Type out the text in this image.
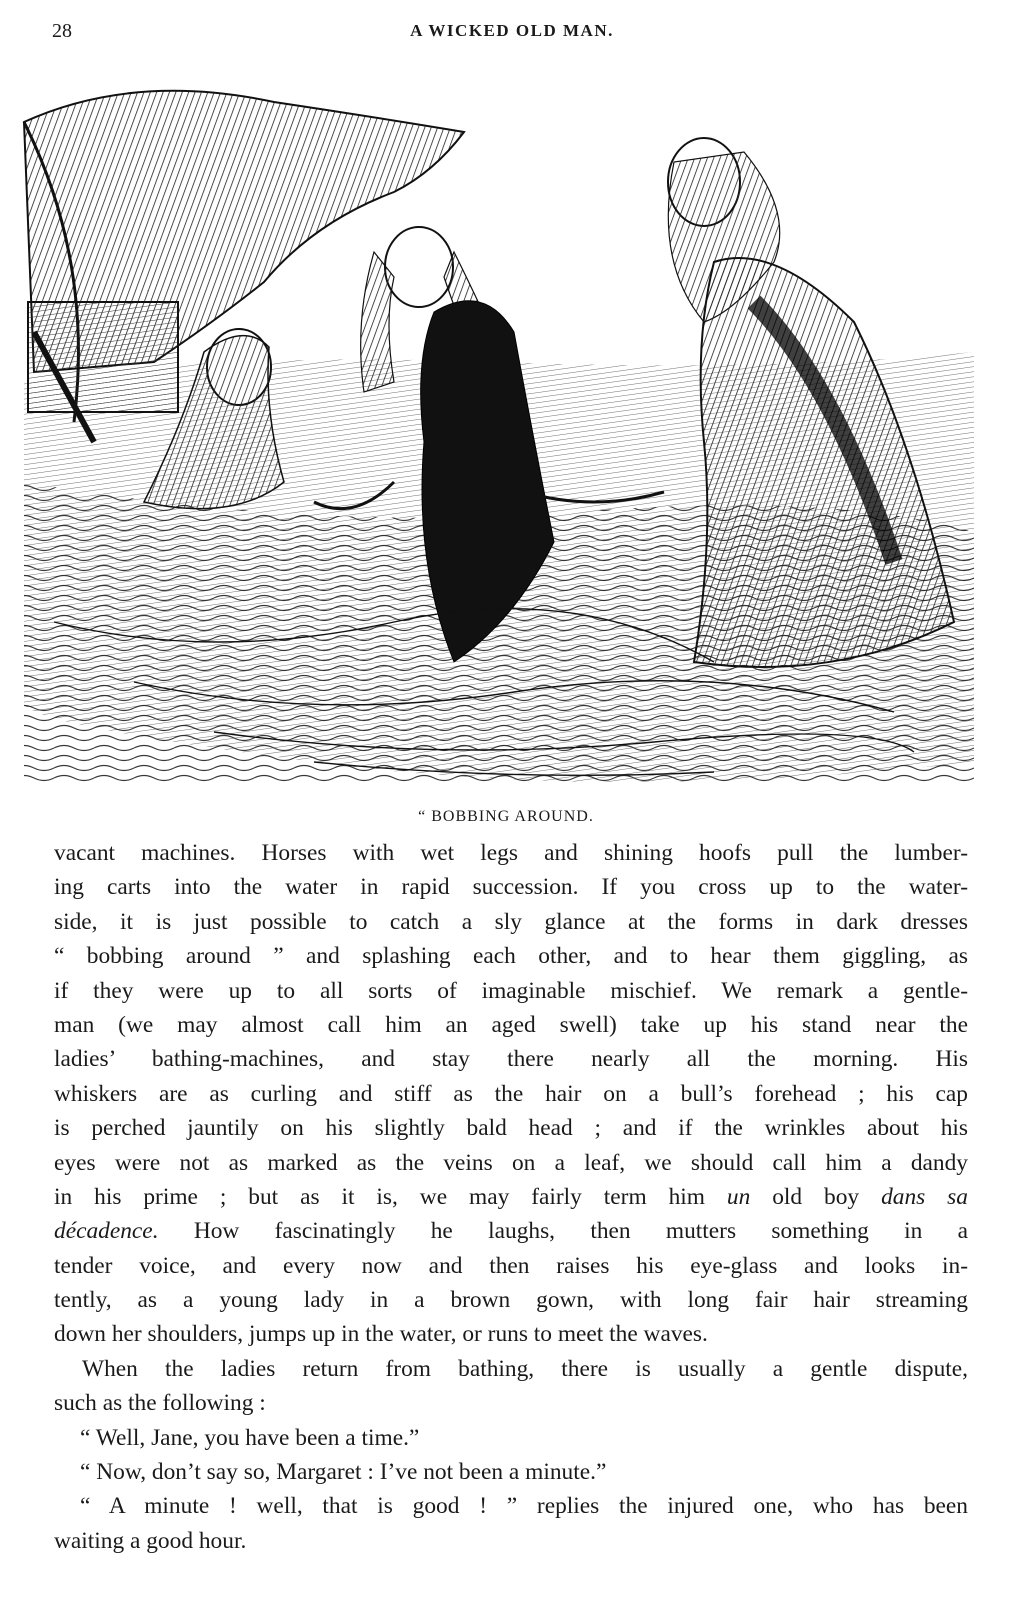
28	A WICKED OLD MAN.
“ BOBBING AROUND.
vacant machines. Horses with wet legs and shining hoofs pull the lumber-
ing carts into the water in rapid succession. If you cross up to the water-
side, it is just possible to catch a sly glance at the forms in dark dresses
“ bobbing around ” and splashing each other, and to hear them giggling, as
if they were up to all sorts of imaginable mischief. We remark a gentle-
man (we may almost call him an aged swell) take up his stand near the
ladies’ bathing-machines, and stay there nearly all the morning. His
whiskers are as curling and stiff as the hair on a bull’s forehead ; his cap
is perched jauntily on his slightly bald head ; and if the wrinkles about his
eyes were not as marked as the veins on a leaf, we should call him a dandy
in his prime ; but as it is, we may fairly term him un old boy dans sa
décadence. How fascinatingly he laughs, then mutters something in a
tender voice, and every now and then raises his eye-glass and looks in-
tently, as a young lady in a brown gown, with long fair hair streaming
down her shoulders, jumps up in the water, or runs to meet the waves.
When the ladies return from bathing, there is usually a gentle dispute,
such as the following :
“ Well, Jane, you have been a time.”
“ Now, don’t say so, Margaret : I’ve not been a minute.”
“ A minute ! well, that is good ! ” replies the injured one, who has been
waiting a good hour.
